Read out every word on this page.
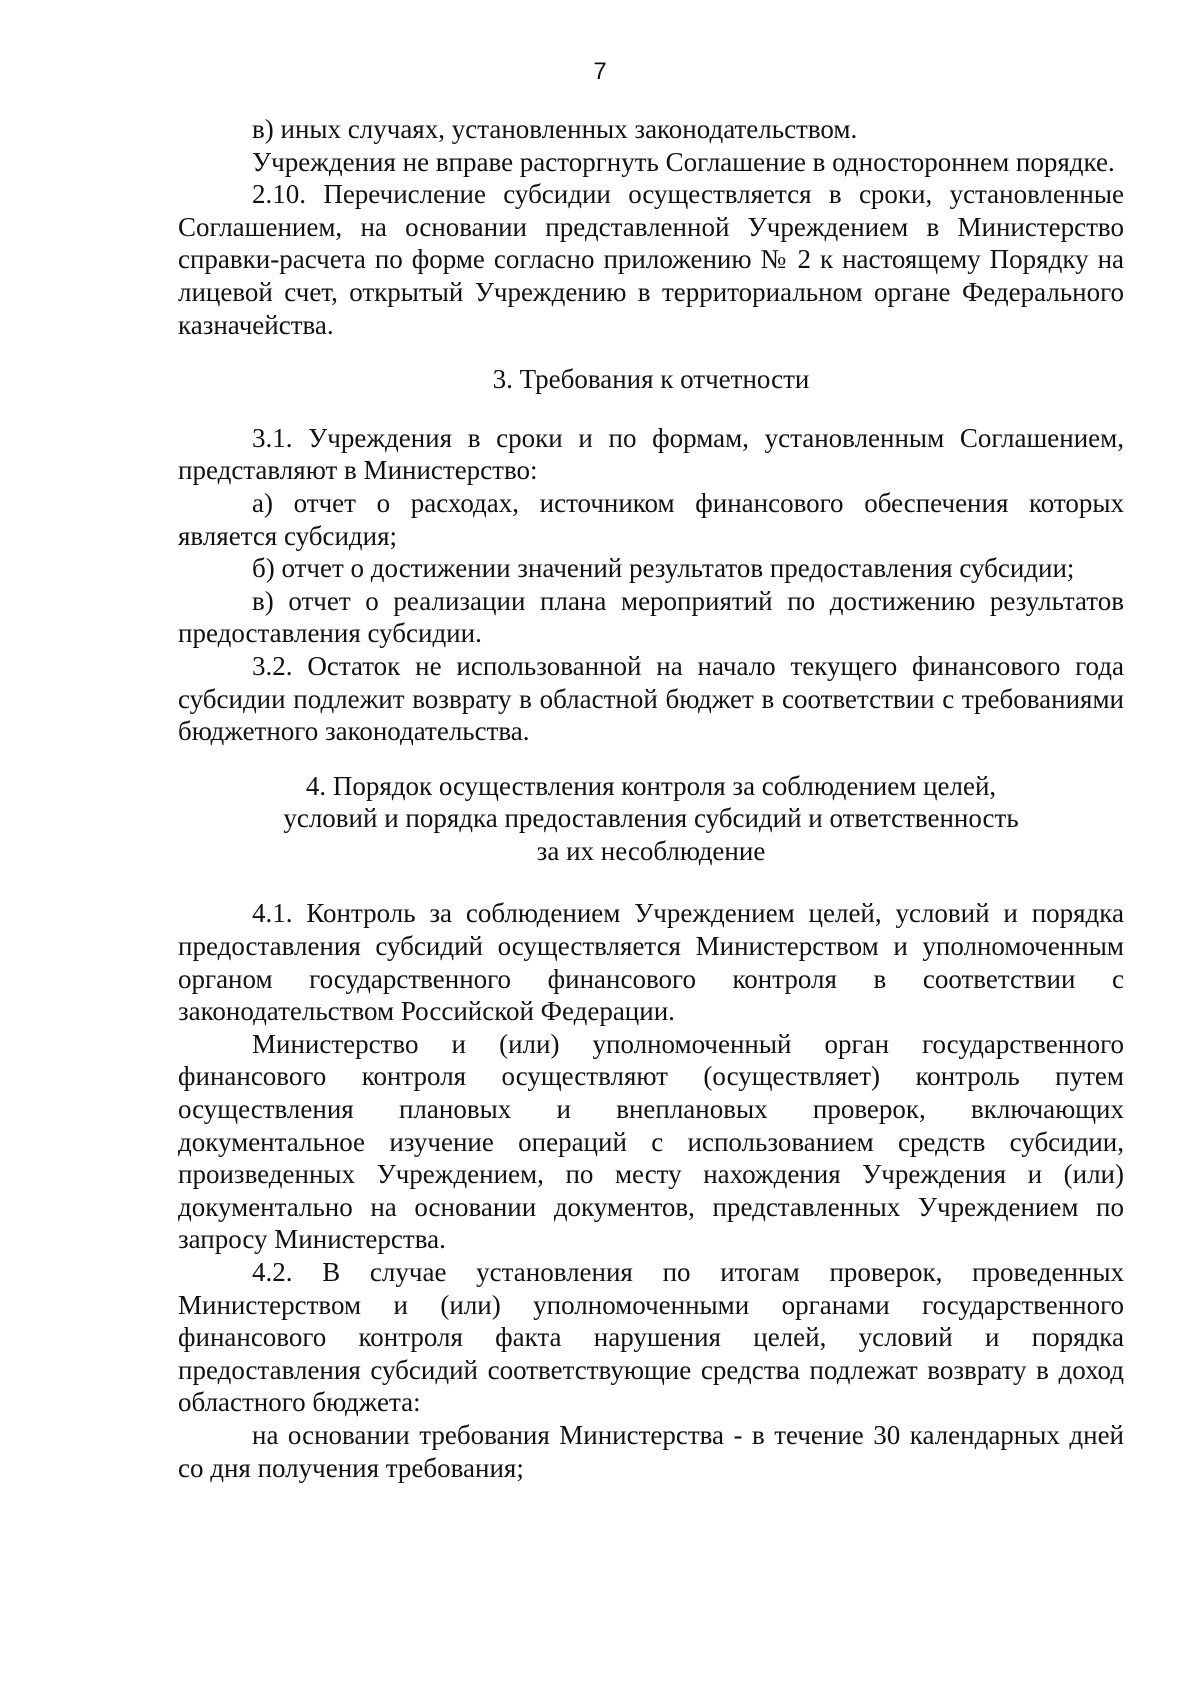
7

в) иных случаях, установленных законодательством.

Учреждения не вправе расторгнуть Соглашение в одностороннем порядке.

2.10. Перечисление субсидии осуществляется в сроки, установленные Соглашением, на основании представленной Учреждением в Министерство справки-расчета по форме согласно приложению № 2 к настоящему Порядку на лицевой счет, открытый Учреждению в территориальном органе Федерального казначейства.

3. Требования к отчетности

3.1. Учреждения в сроки и по формам, установленным Соглашением, представляют в Министерство:

а) отчет о расходах, источником финансового обеспечения которых является субсидия;

б) отчет о достижении значений результатов предоставления субсидии;

в) отчет о реализации плана мероприятий по достижению результатов предоставления субсидии.

3.2. Остаток не использованной на начало текущего финансового года субсидии подлежит возврату в областной бюджет в соответствии с требованиями бюджетного законодательства.

4. Порядок осуществления контроля за соблюдением целей,

условий и порядка предоставления субсидий и ответственность

за их несоблюдение

4.1. Контроль за соблюдением Учреждением целей, условий и порядка предоставления субсидий осуществляется Министерством и уполномоченным органом государственного финансового контроля в соответствии с законодательством Российской Федерации.

Министерство и (или) уполномоченный орган государственного финансового контроля осуществляют (осуществляет) контроль путем осуществления плановых и внеплановых проверок, включающих документальное изучение операций с использованием средств субсидии, произведенных Учреждением, по месту нахождения Учреждения и (или) документально на основании документов, представленных Учреждением по запросу Министерства.

4.2. В случае установления по итогам проверок, проведенных Министерством и (или) уполномоченными органами государственного финансового контроля факта нарушения целей, условий и порядка предоставления субсидий соответствующие средства подлежат возврату в доход областного бюджета:

на основании требования Министерства - в течение 30 календарных дней со дня получения требования;
